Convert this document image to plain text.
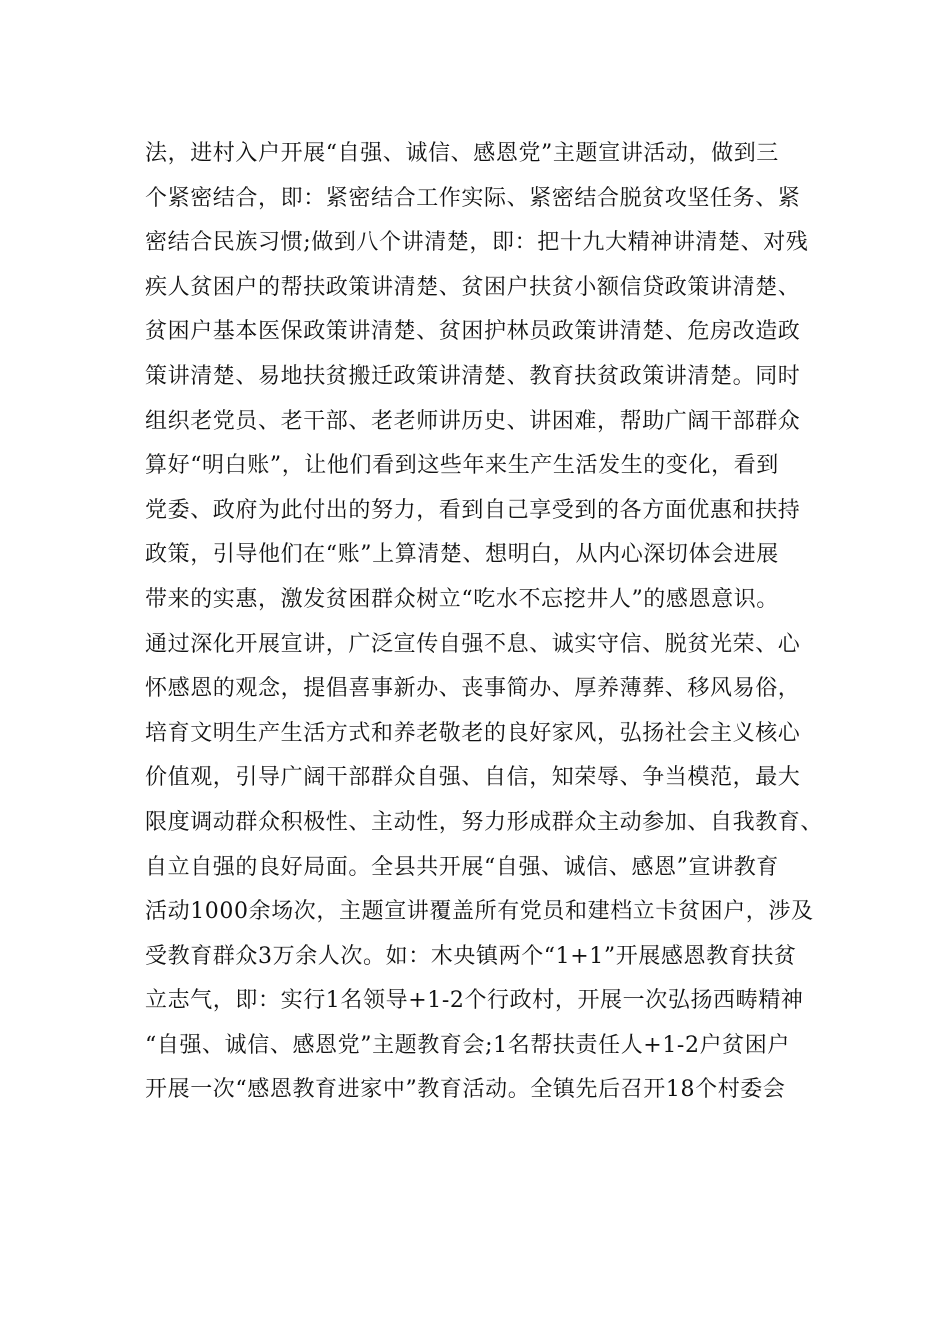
法，进村入户开展“自强、诚信、感恩党”主题宣讲活动，做到三
个紧密结合，即：紧密结合工作实际、紧密结合脱贫攻坚任务、紧
密结合民族习惯;做到八个讲清楚，即：把十九大精神讲清楚、对残
疾人贫困户的帮扶政策讲清楚、贫困户扶贫小额信贷政策讲清楚、
贫困户基本医保政策讲清楚、贫困护林员政策讲清楚、危房改造政
策讲清楚、易地扶贫搬迁政策讲清楚、教育扶贫政策讲清楚。同时
组织老党员、老干部、老老师讲历史、讲困难，帮助广阔干部群众
算好“明白账”，让他们看到这些年来生产生活发生的变化，看到
党委、政府为此付出的努力，看到自己享受到的各方面优惠和扶持
政策，引导他们在“账”上算清楚、想明白，从内心深切体会进展
带来的实惠，激发贫困群众树立“吃水不忘挖井人”的感恩意识。
通过深化开展宣讲，广泛宣传自强不息、诚实守信、脱贫光荣、心
怀感恩的观念，提倡喜事新办、丧事简办、厚养薄葬、移风易俗，
培育文明生产生活方式和养老敬老的良好家风，弘扬社会主义核心
价值观，引导广阔干部群众自强、自信，知荣辱、争当模范，最大
限度调动群众积极性、主动性，努力形成群众主动参加、自我教育、
自立自强的良好局面。全县共开展“自强、诚信、感恩”宣讲教育
活动1000余场次，主题宣讲覆盖所有党员和建档立卡贫困户，涉及
受教育群众3万余人次。如：木央镇两个“1+1”开展感恩教育扶贫
立志气，即：实行1名领导+1-2个行政村，开展一次弘扬西畴精神
“自强、诚信、感恩党”主题教育会;1名帮扶责任人+1-2户贫困户
开展一次“感恩教育进家中”教育活动。全镇先后召开18个村委会
